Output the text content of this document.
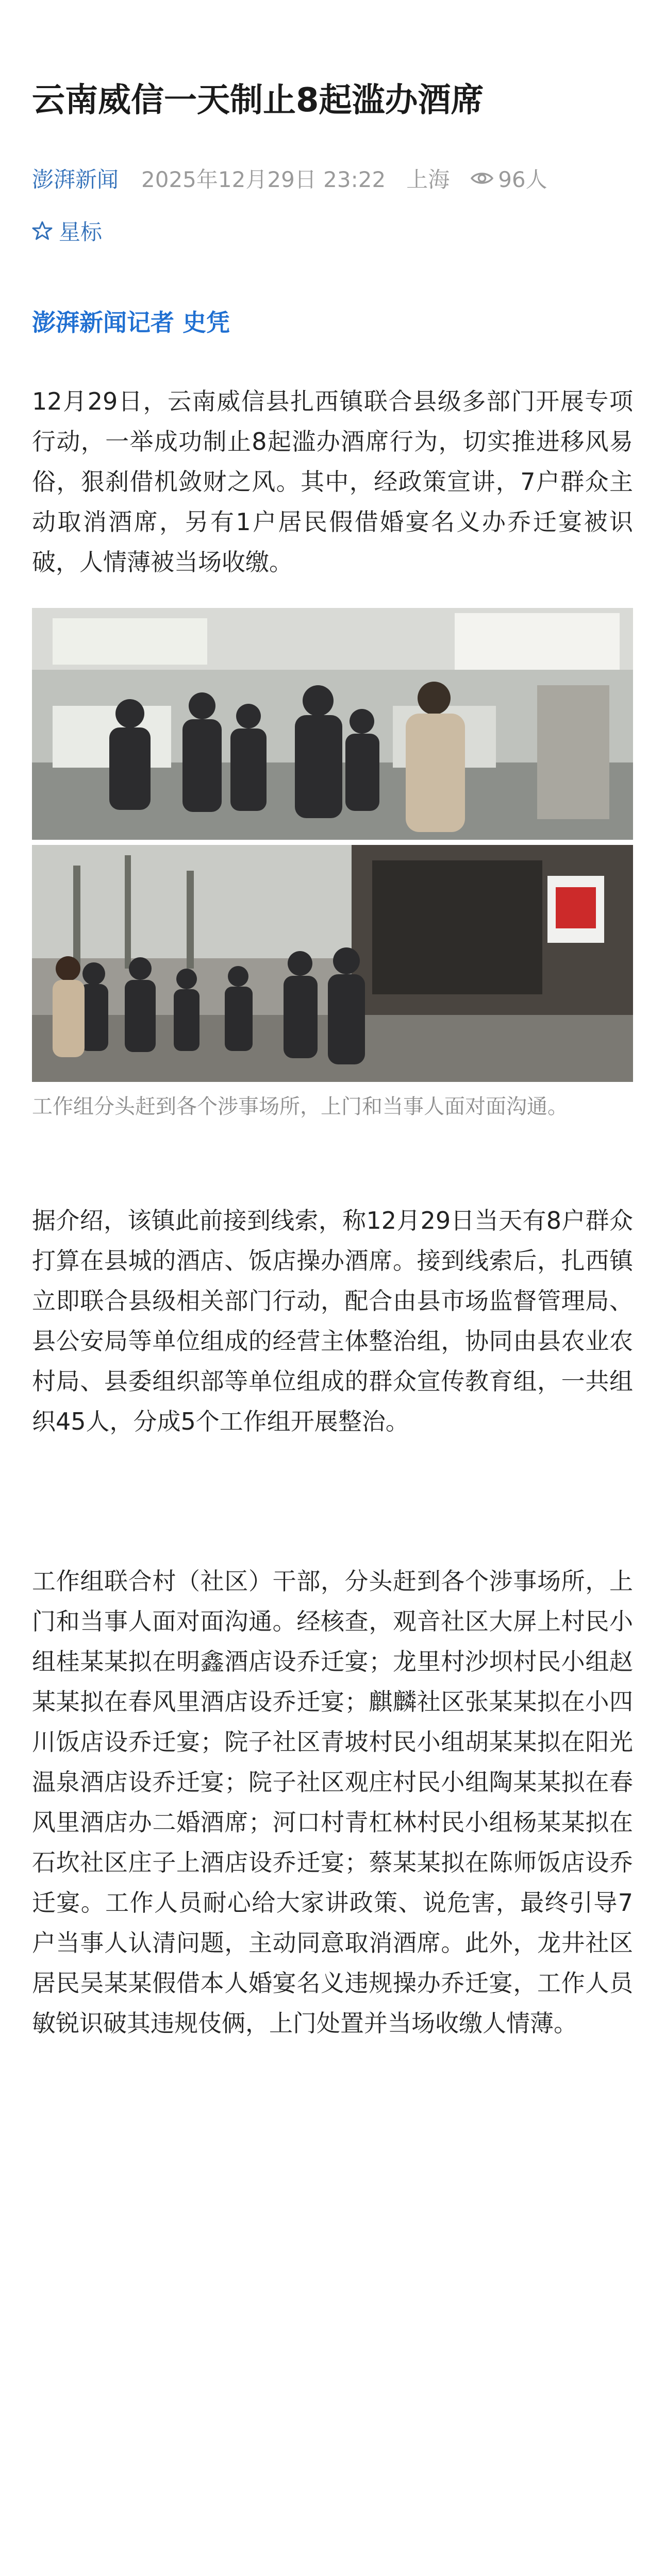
云南威信一天制止8起滥办酒席
澎湃新闻 2025年12月29日 23:22 上海 96人
星标
澎湃新闻记者 史凭

12月29日，云南威信县扎西镇联合县级多部门开展专项行动，一举成功制止8起滥办酒席行为，切实推进移风易俗，狠刹借机敛财之风。其中，经政策宣讲，7户群众主动取消酒席，另有1户居民假借婚宴名义办乔迁宴被识破，人情薄被当场收缴。

工作组分头赶到各个涉事场所，上门和当事人面对面沟通。

据介绍，该镇此前接到线索，称12月29日当天有8户群众打算在县城的酒店、饭店操办酒席。接到线索后，扎西镇立即联合县级相关部门行动，配合由县市场监督管理局、县公安局等单位组成的经营主体整治组，协同由县农业农村局、县委组织部等单位组成的群众宣传教育组，一共组织45人，分成5个工作组开展整治。

工作组联合村（社区）干部，分头赶到各个涉事场所，上门和当事人面对面沟通。经核查，观音社区大屏上村民小组桂某某拟在明鑫酒店设乔迁宴；龙里村沙坝村民小组赵某某拟在春风里酒店设乔迁宴；麒麟社区张某某拟在小四川饭店设乔迁宴；院子社区青坡村民小组胡某某拟在阳光温泉酒店设乔迁宴；院子社区观庄村民小组陶某某拟在春风里酒店办二婚酒席；河口村青杠林村民小组杨某某拟在石坎社区庄子上酒店设乔迁宴；蔡某某拟在陈师饭店设乔迁宴。工作人员耐心给大家讲政策、说危害，最终引导7户当事人认清问题，主动同意取消酒席。此外，龙井社区居民吴某某假借本人婚宴名义违规操办乔迁宴，工作人员敏锐识破其违规伎俩，上门处置并当场收缴人情薄。
